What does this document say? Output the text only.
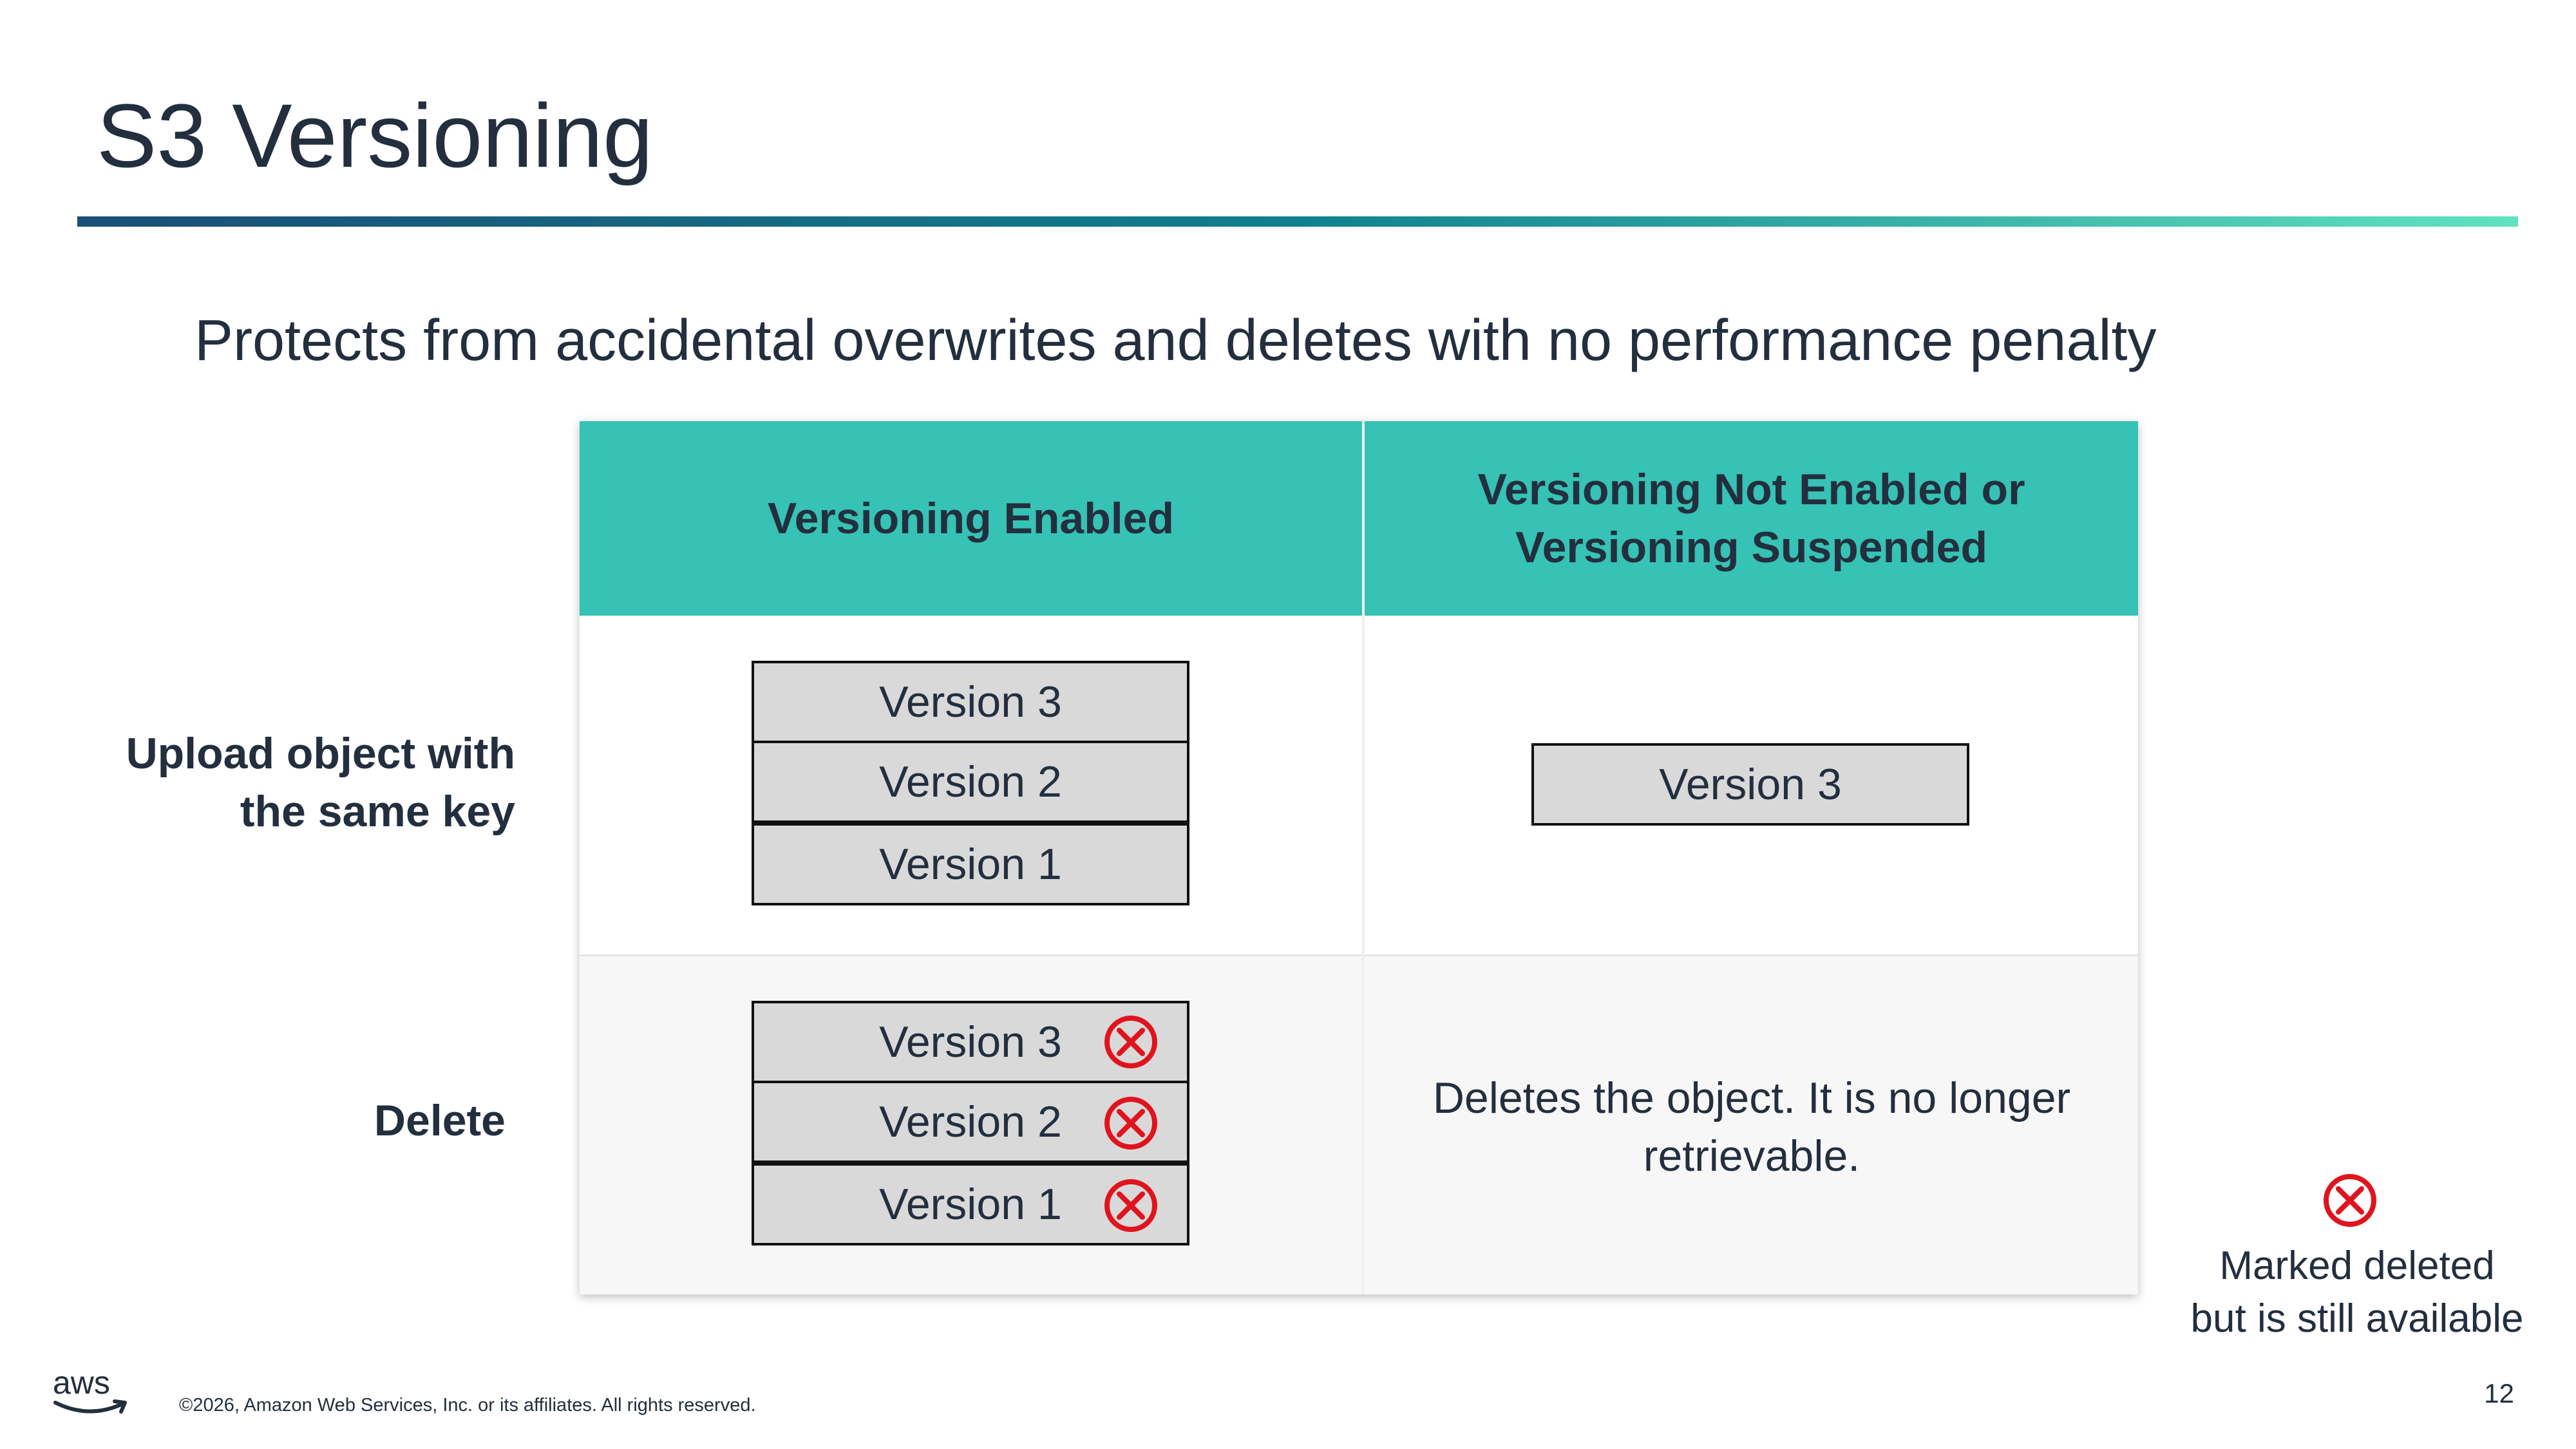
S3 Versioning
Protects from accidental overwrites and deletes with no performance penalty
Upload object with
the same key
Delete
Versioning Enabled
Versioning Not Enabled or
Versioning Suspended
Version 3
Version 2
Version 1
Version 3
Version 3
Version 2
Version 1
Deletes the object. It is no longer
retrievable.
Marked deleted
but is still available
aws
©2026, Amazon Web Services, Inc. or its affiliates. All rights reserved.	12
